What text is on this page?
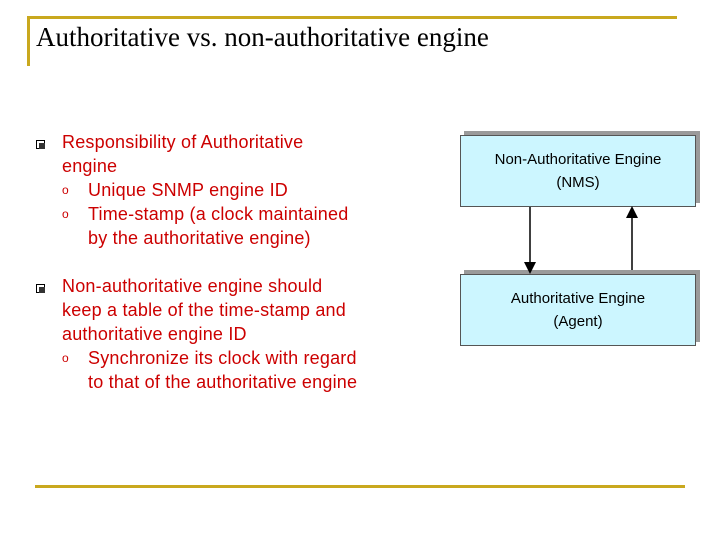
Authoritative vs. non-authoritative engine
Responsibility of Authoritative
engine
o Unique SNMP engine ID
o Time-stamp (a clock maintained
by the authoritative engine)
Non-authoritative engine should
keep a table of the time-stamp and
authoritative engine ID
o Synchronize its clock with regard
to that of the authoritative engine
Non-Authoritative Engine
(NMS)
Authoritative Engine
(Agent)
